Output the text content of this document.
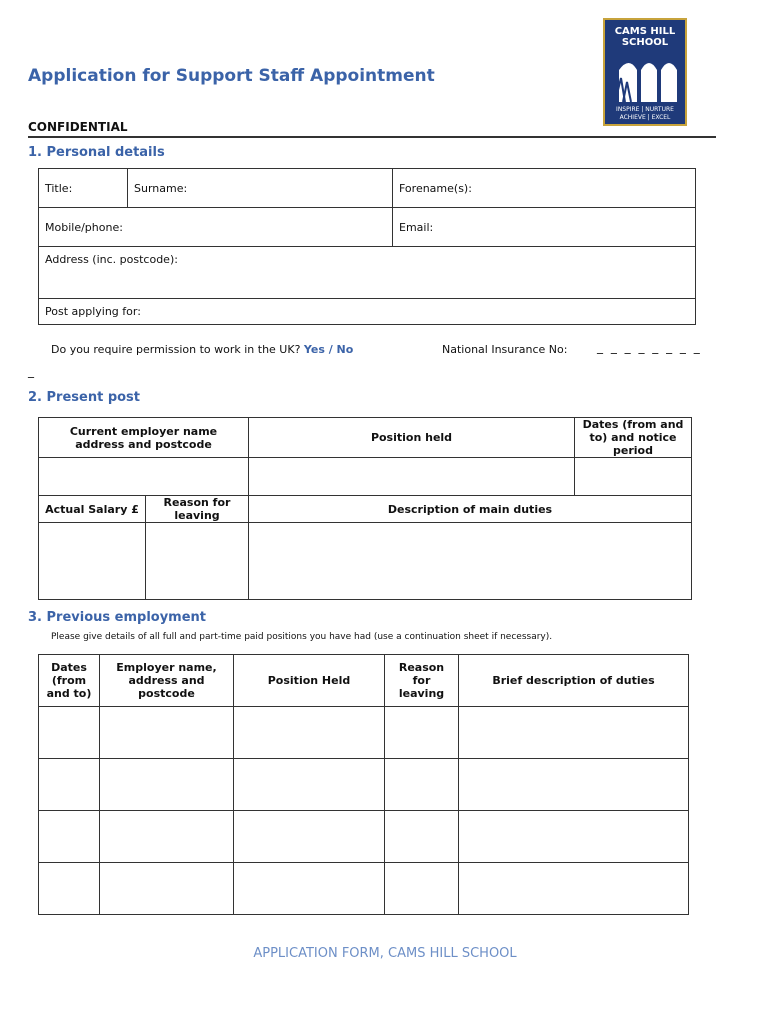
Application for Support Staff Appointment
CAMS HILL
SCHOOL
INSPIRE | NURTURE
ACHIEVE | EXCEL
CONFIDENTIAL
1. Personal details
Title:	Surname:	Forename(s):
Mobile/phone:		Email:
Address (inc. postcode):		
Post applying for:		
Do you require permission to work in the UK? Yes / No	National Insurance No: _ _ _ _ _ _ _ _
_
2. Present post
Current employer name address and postcode		Position held	Dates (from and to) and notice period

Actual Salary £	Reason for leaving	Description of main duties	

3. Previous employment
Please give details of all full and part-time paid positions you have had (use a continuation sheet if necessary).
Dates (from and to)	Employer name, address and postcode	Position Held	Reason for leaving	Brief description of duties

APPLICATION FORM, CAMS HILL SCHOOL
